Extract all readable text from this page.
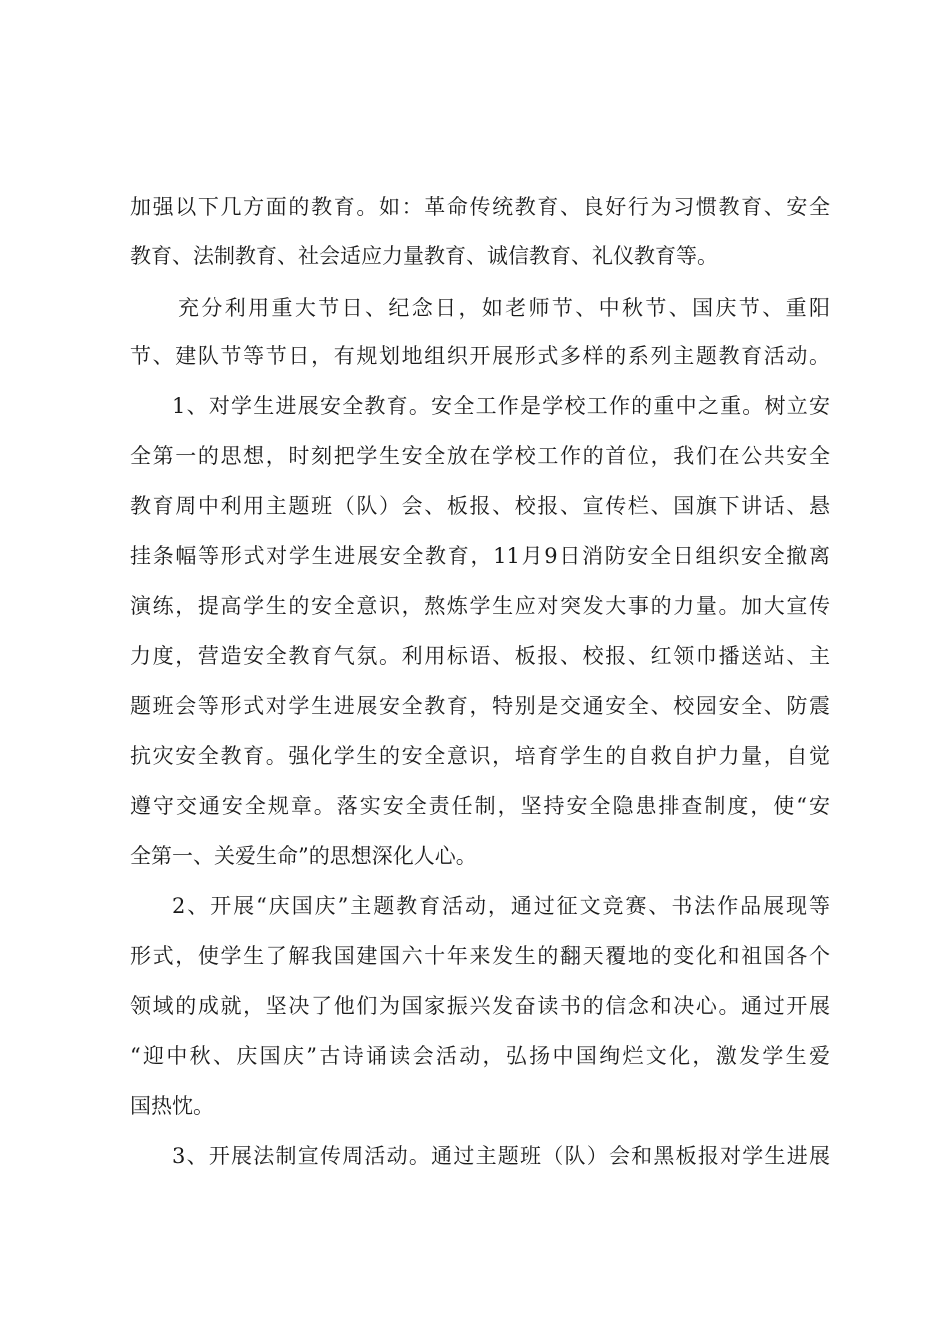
加强以下几方面的教育。如：革命传统教育、良好行为习惯教育、安全
教育、法制教育、社会适应力量教育、诚信教育、礼仪教育等。
充分利用重大节日、纪念日，如老师节、中秋节、国庆节、重阳
节、建队节等节日，有规划地组织开展形式多样的系列主题教育活动。
1、对学生进展安全教育。安全工作是学校工作的重中之重。树立安
全第一的思想，时刻把学生安全放在学校工作的首位，我们在公共安全
教育周中利用主题班（队）会、板报、校报、宣传栏、国旗下讲话、悬
挂条幅等形式对学生进展安全教育，11月9日消防安全日组织安全撤离
演练，提高学生的安全意识，熬炼学生应对突发大事的力量。加大宣传
力度，营造安全教育气氛。利用标语、板报、校报、红领巾播送站、主
题班会等形式对学生进展安全教育，特别是交通安全、校园安全、防震
抗灾安全教育。强化学生的安全意识，培育学生的自救自护力量，自觉
遵守交通安全规章。落实安全责任制，坚持安全隐患排查制度，使“安
全第一、关爱生命”的思想深化人心。
2、开展“庆国庆”主题教育活动，通过征文竞赛、书法作品展现等
形式，使学生了解我国建国六十年来发生的翻天覆地的变化和祖国各个
领域的成就，坚决了他们为国家振兴发奋读书的信念和决心。通过开展
“迎中秋、庆国庆”古诗诵读会活动，弘扬中国绚烂文化，激发学生爱
国热忱。
3、开展法制宣传周活动。通过主题班（队）会和黑板报对学生进展
